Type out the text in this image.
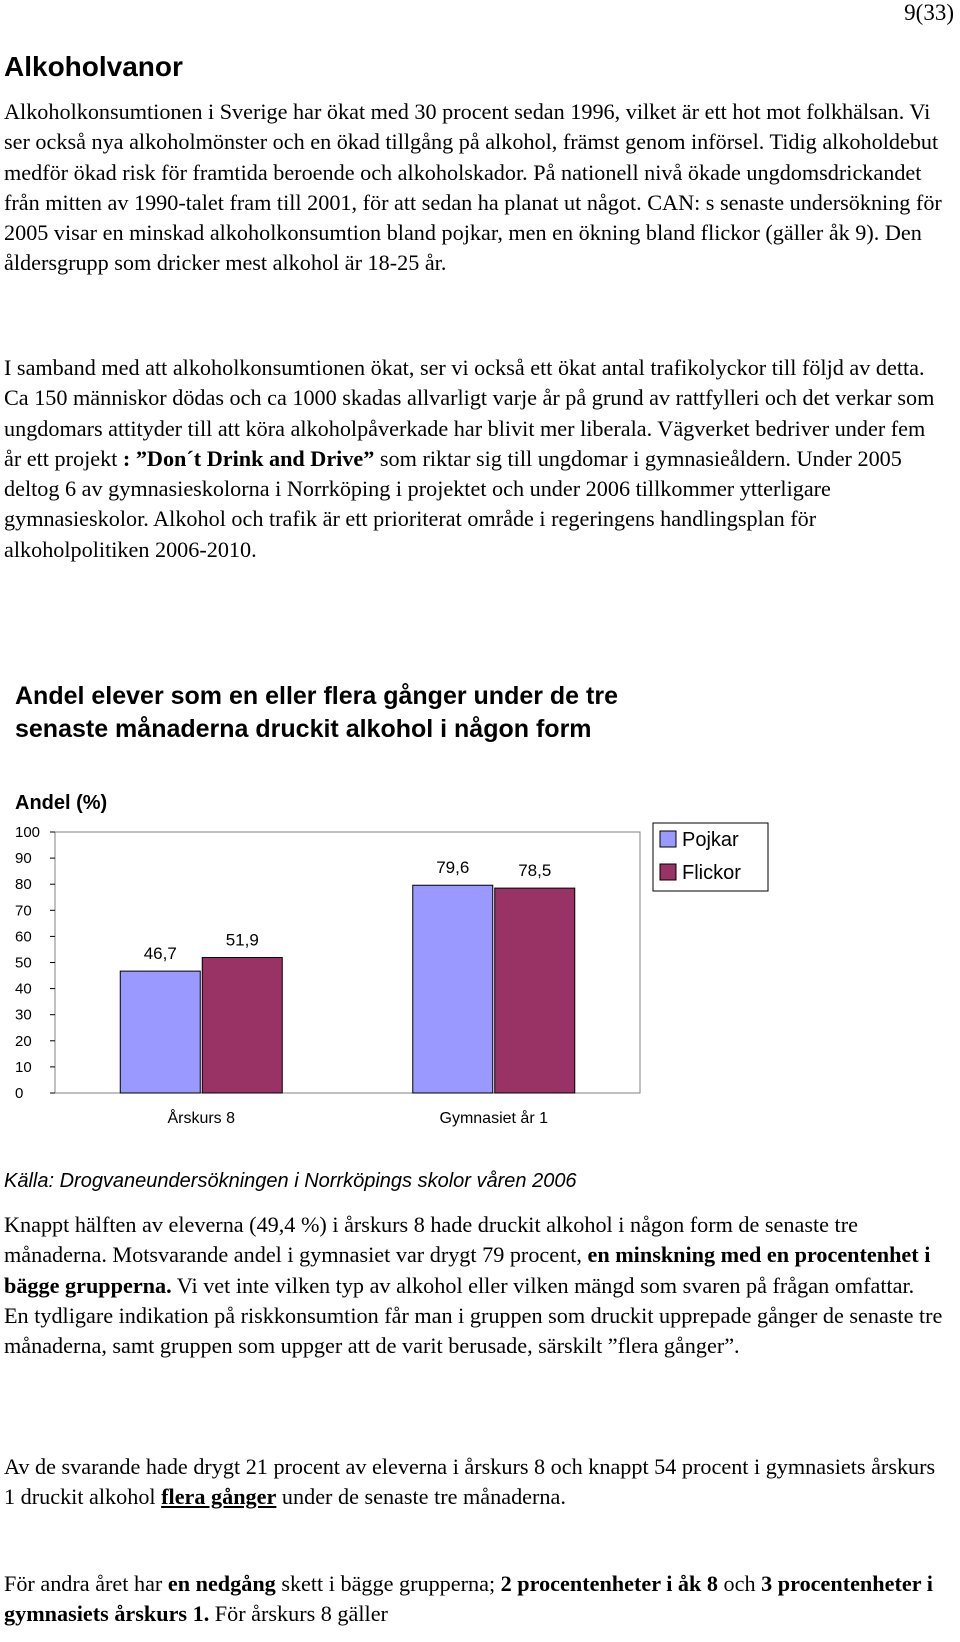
9(33)
Alkoholvanor

Alkoholkonsumtionen i Sverige har ökat med 30 procent sedan 1996, vilket är ett hot mot folkhälsan. Vi ser också nya alkoholmönster och en ökad tillgång på alkohol, främst genom införsel. Tidig alkoholdebut medför ökad risk för framtida beroende och alkoholskador. På nationell nivå ökade ungdomsdrickandet från mitten av 1990-talet fram till 2001, för att sedan ha planat ut något. CAN: s senaste undersökning för 2005 visar en minskad alkoholkonsumtion bland pojkar, men en ökning bland flickor (gäller åk 9). Den åldersgrupp som dricker mest alkohol är 18-25 år.

I samband med att alkoholkonsumtionen ökat, ser vi också ett ökat antal trafikolyckor till följd av detta. Ca 150 människor dödas och ca 1000 skadas allvarligt varje år på grund av rattfylleri och det verkar som ungdomars attityder till att köra alkoholpåverkade har blivit mer liberala. Vägverket bedriver under fem år ett projekt : ”Don´t Drink and Drive” som riktar sig till ungdomar i gymnasieåldern. Under 2005 deltog 6 av gymnasieskolorna i Norrköping i projektet och under 2006 tillkommer ytterligare gymnasieskolor. Alkohol och trafik är ett prioriterat område i regeringens handlingsplan för alkoholpolitiken 2006-2010.

Andel elever som en eller flera gånger under de tre senaste månaderna druckit alkohol i någon form
Andel (%)
0
10
20
30
40
50
60
70
80
90
100
46,7
51,9
Årskurs 8
79,6	78,5
Gymnasiet år 1
Pojkar
Flickor
Källa: Drogvaneundersökningen i Norrköpings skolor våren 2006

Knappt hälften av eleverna (49,4 %) i årskurs 8 hade druckit alkohol i någon form de senaste tre månaderna. Motsvarande andel i gymnasiet var drygt 79 procent, en minskning med en procentenhet i bägge grupperna. Vi vet inte vilken typ av alkohol eller vilken mängd som svaren på frågan omfattar. En tydligare indikation på riskkonsumtion får man i gruppen som druckit upprepade gånger de senaste tre månaderna, samt gruppen som uppger att de varit berusade, särskilt ”flera gånger”.

Av de svarande hade drygt 21 procent av eleverna i årskurs 8 och knappt 54 procent i gymnasiets årskurs 1 druckit alkohol flera gånger under de senaste tre månaderna.

För andra året har en nedgång skett i bägge grupperna; 2 procentenheter i åk 8 och 3 procentenheter i gymnasiets årskurs 1. För årskurs 8 gäller
